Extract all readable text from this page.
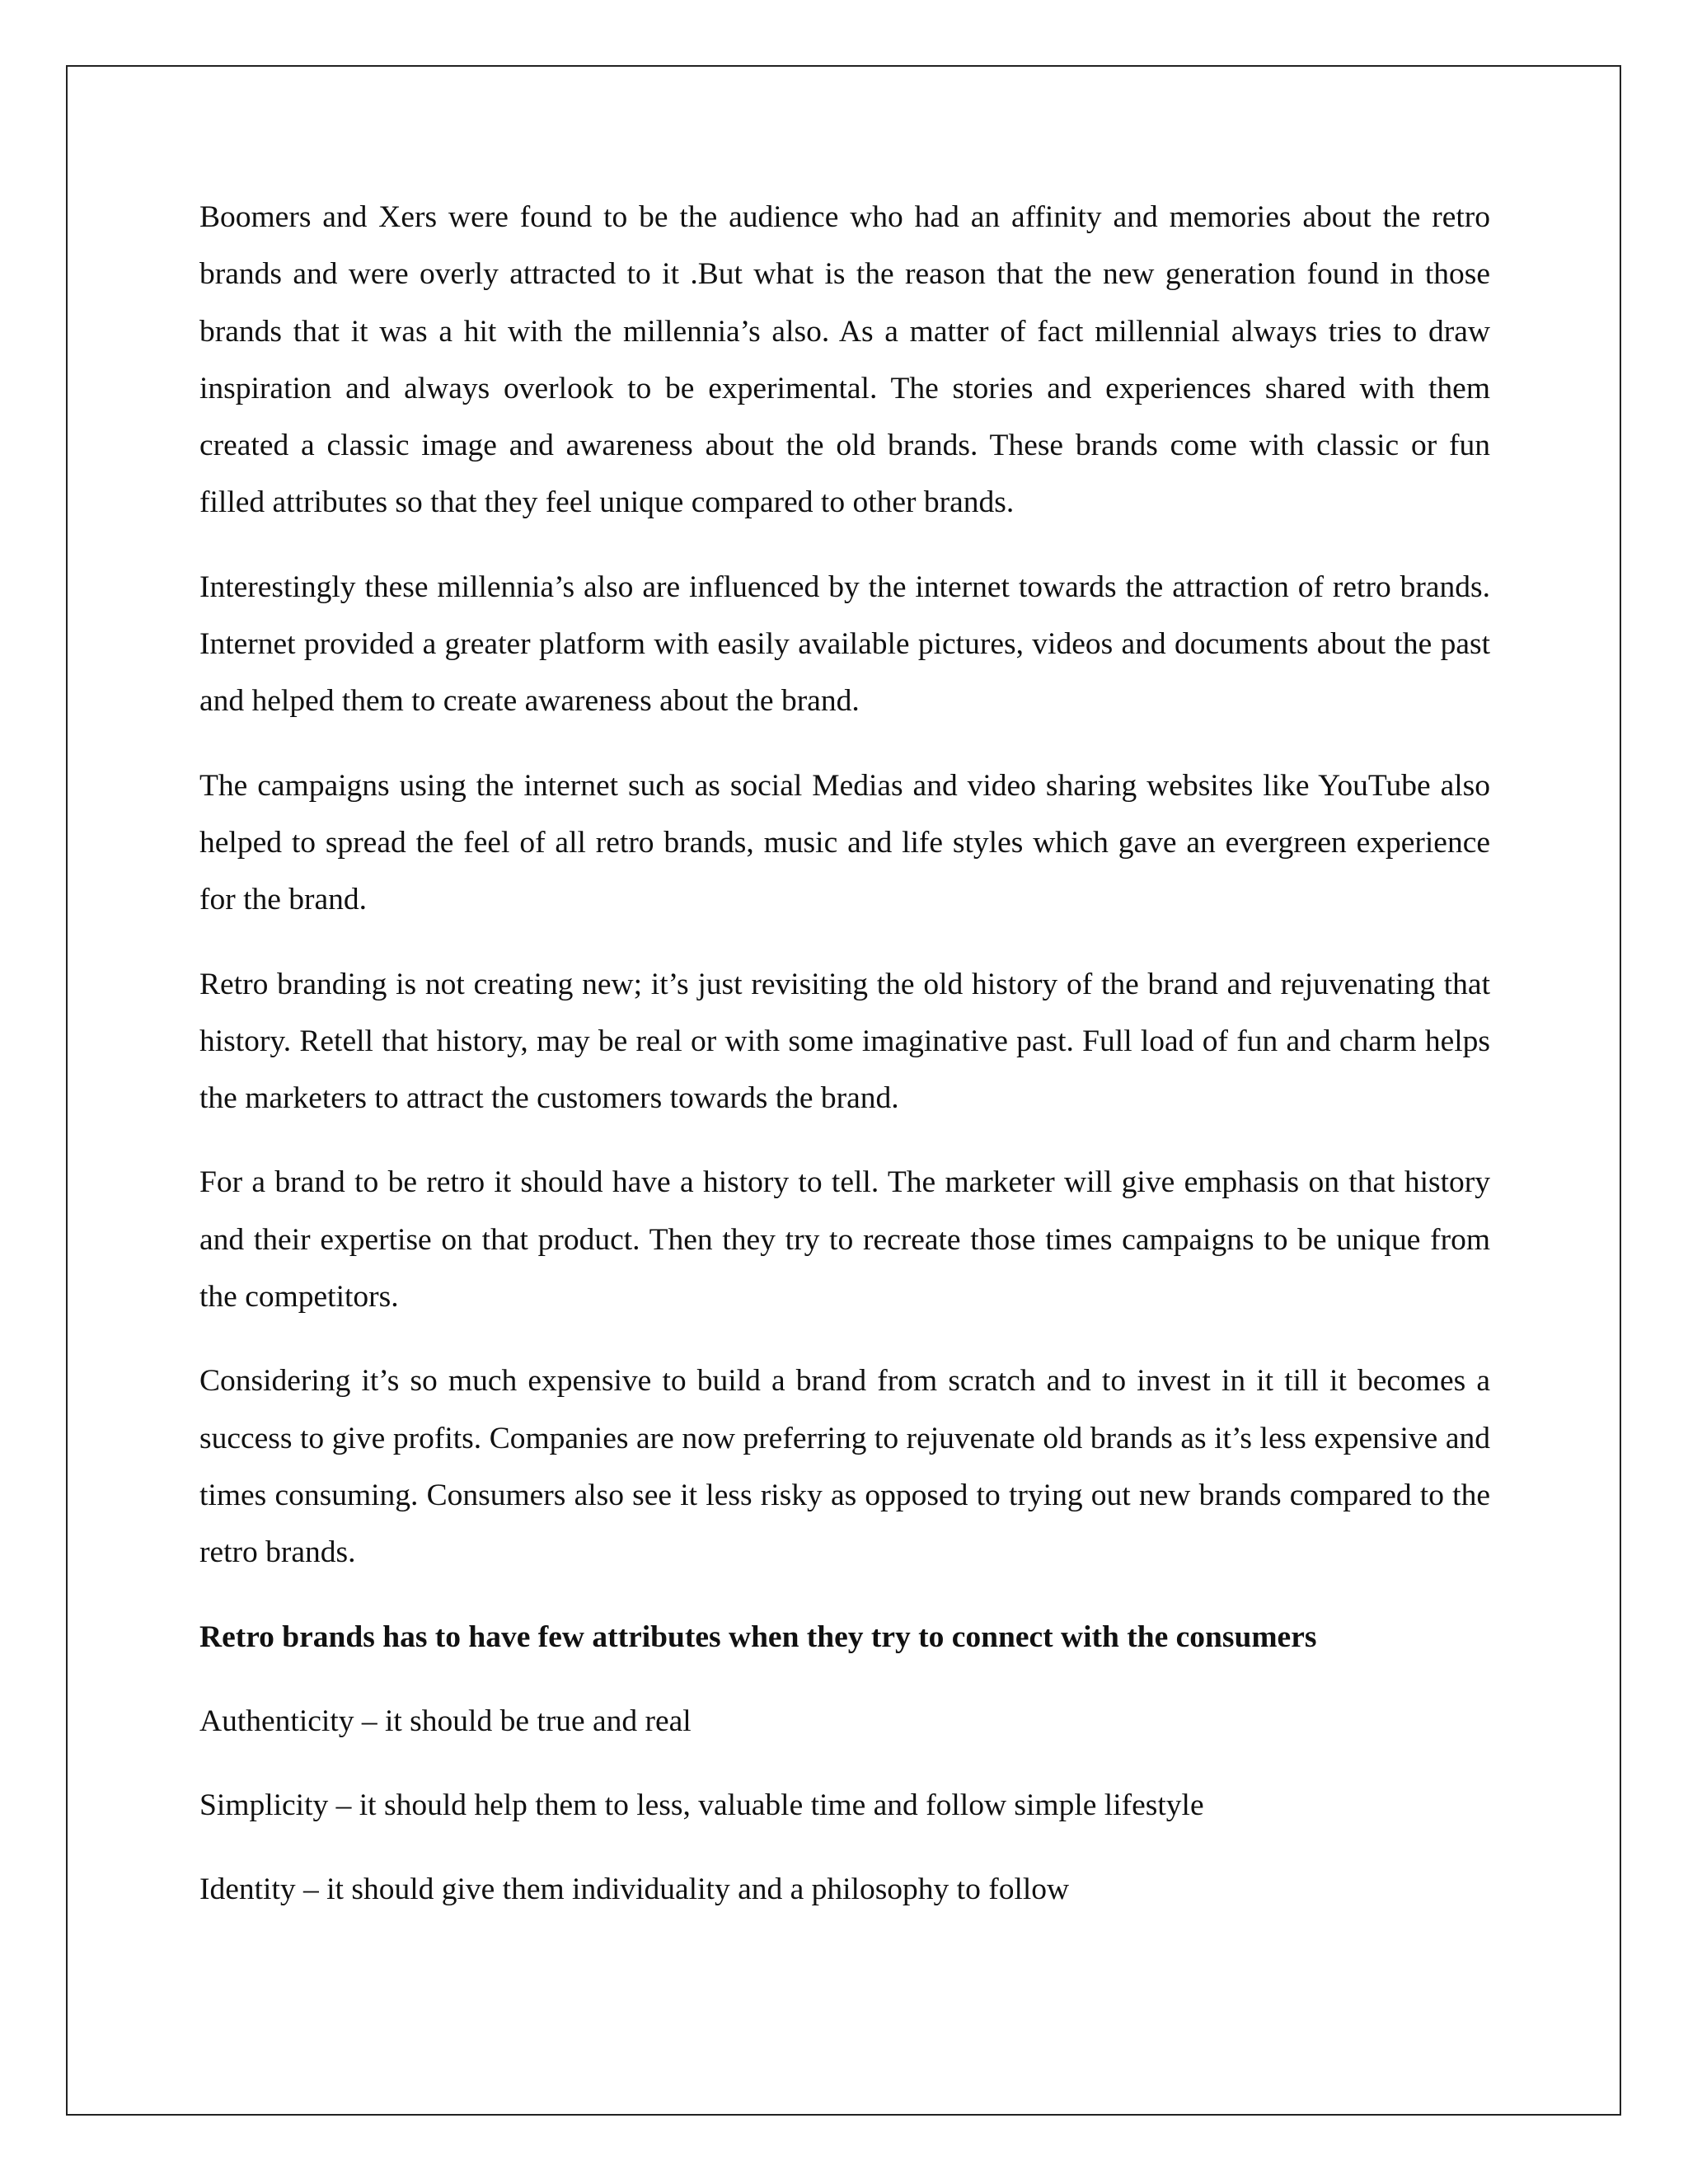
Boomers and Xers were found to be the audience who had an affinity and memories about the retro brands and were overly attracted to it .But what is the reason that the new generation found in those brands that it was a hit with the millennia’s also. As a matter of fact millennial always tries to draw inspiration and always overlook to be experimental. The stories and experiences shared with them created a classic image and awareness about the old brands. These brands come with classic or fun filled attributes so that they feel unique compared to other brands.

Interestingly these millennia’s also are influenced by the internet towards the attraction of retro brands. Internet provided a greater platform with easily available pictures, videos and documents about the past and helped them to create awareness about the brand.

The campaigns using the internet such as social Medias and video sharing websites like YouTube also helped to spread the feel of all retro brands, music and life styles which gave an evergreen experience for the brand.

Retro branding is not creating new; it’s just revisiting the old history of the brand and rejuvenating that history. Retell that history, may be real or with some imaginative past. Full load of fun and charm helps the marketers to attract the customers towards the brand.

For a brand to be retro it should have a history to tell. The marketer will give emphasis on that history and their expertise on that product. Then they try to recreate those times campaigns to be unique from the competitors.

Considering it’s so much expensive to build a brand from scratch and to invest in it till it becomes a success to give profits. Companies are now preferring to rejuvenate old brands as it’s less expensive and times consuming. Consumers also see it less risky as opposed to trying out new brands compared to the retro brands.

Retro brands has to have few attributes when they try to connect with the consumers

Authenticity – it should be true and real

Simplicity – it should help them to less, valuable time and follow simple lifestyle

Identity – it should give them individuality and a philosophy to follow
